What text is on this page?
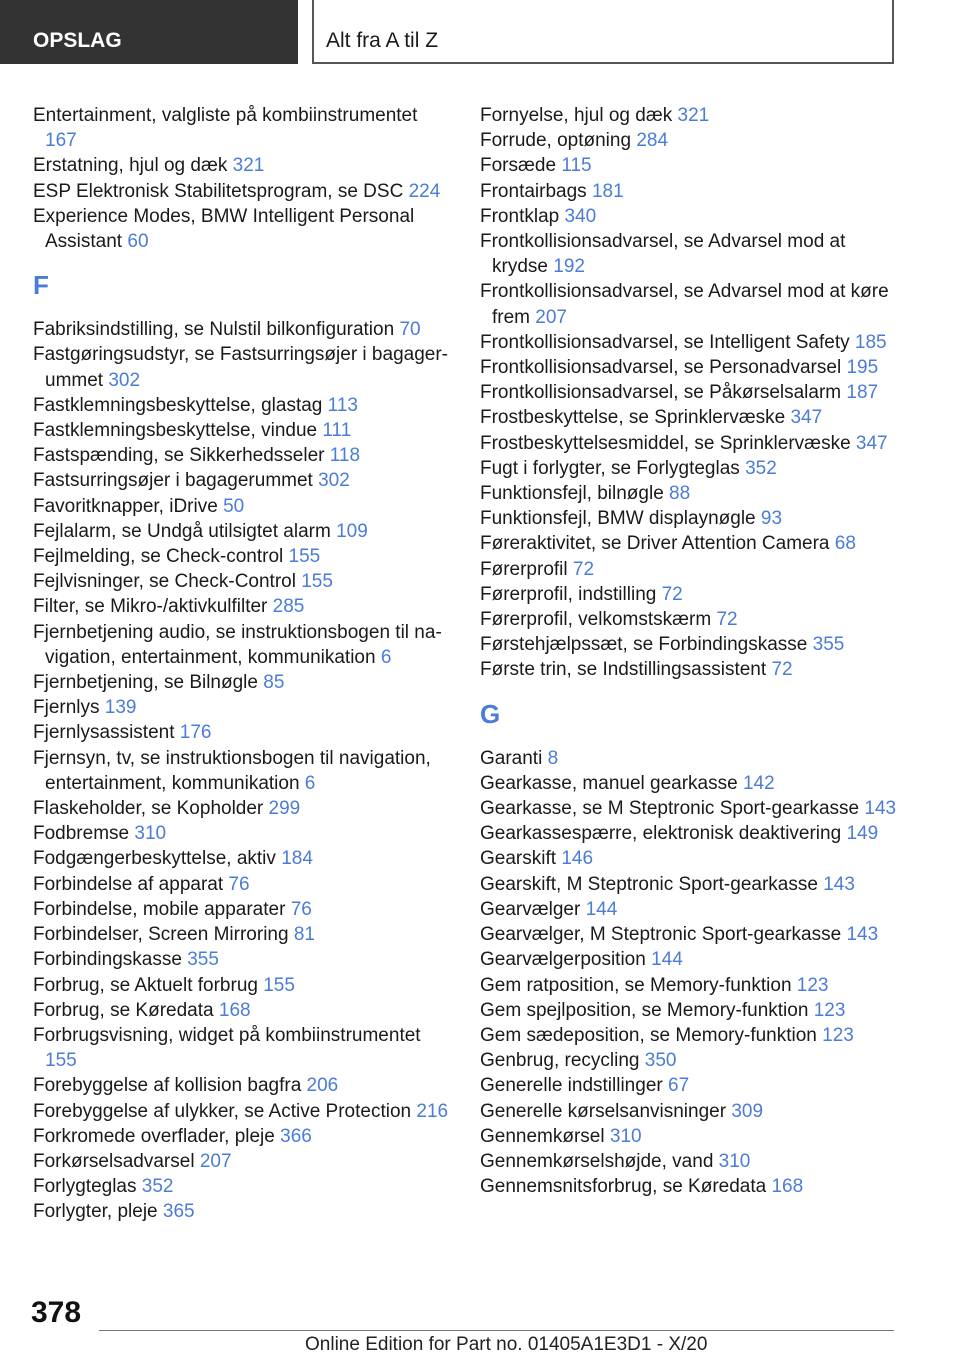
OPSLAG	Alt fra A til Z
Entertainment, valgliste på kombiinstrumentet 167
Erstatning, hjul og dæk 321
ESP Elektronisk Stabilitetsprogram, se DSC 224
Experience Modes, BMW Intelligent Personal Assistant 60
F
Fabriksindstilling, se Nulstil bilkonfiguration 70
Fastgøringsudstyr, se Fastsurringsøjer i bagagerummet 302
Fastklemningsbeskyttelse, glastag 113
Fastklemningsbeskyttelse, vindue 111
Fastspænding, se Sikkerhedsseler 118
Fastsurringsøjer i bagagerummet 302
Favoritknapper, iDrive 50
Fejlalarm, se Undgå utilsigtet alarm 109
Fejlmelding, se Check-control 155
Fejlvisninger, se Check-Control 155
Filter, se Mikro-/aktivkulfilter 285
Fjernbetjening audio, se instruktionsbogen til navigation, entertainment, kommunikation 6
Fjernbetjening, se Bilnøgle 85
Fjernlys 139
Fjernlysassistent 176
Fjernsyn, tv, se instruktionsbogen til navigation, entertainment, kommunikation 6
Flaskeholder, se Kopholder 299
Fodbremse 310
Fodgængerbeskyttelse, aktiv 184
Forbindelse af apparat 76
Forbindelse, mobile apparater 76
Forbindelser, Screen Mirroring 81
Forbindingskasse 355
Forbrug, se Aktuelt forbrug 155
Forbrug, se Køredata 168
Forbrugsvisning, widget på kombiinstrumentet 155
Forebyggelse af kollision bagfra 206
Forebyggelse af ulykker, se Active Protection 216
Forkromede overflader, pleje 366
Forkørselsadvarsel 207
Forlygteglas 352
Forlygter, pleje 365
Fornyelse, hjul og dæk 321
Forrude, optøning 284
Forsæde 115
Frontairbags 181
Frontklap 340
Frontkollisionsadvarsel, se Advarsel mod at krydse 192
Frontkollisionsadvarsel, se Advarsel mod at køre frem 207
Frontkollisionsadvarsel, se Intelligent Safety 185
Frontkollisionsadvarsel, se Personadvarsel 195
Frontkollisionsadvarsel, se Påkørselsalarm 187
Frostbeskyttelse, se Sprinklervæske 347
Frostbeskyttelsesmiddel, se Sprinklervæske 347
Fugt i forlygter, se Forlygteglas 352
Funktionsfejl, bilnøgle 88
Funktionsfejl, BMW displaynøgle 93
Føreraktivitet, se Driver Attention Camera 68
Førerprofil 72
Førerprofil, indstilling 72
Førerprofil, velkomstskærm 72
Førstehjælpssæt, se Forbindingskasse 355
Første trin, se Indstillingsassistent 72
G
Garanti 8
Gearkasse, manuel gearkasse 142
Gearkasse, se M Steptronic Sport-gearkasse 143
Gearkassespærre, elektronisk deaktivering 149
Gearskift 146
Gearskift, M Steptronic Sport-gearkasse 143
Gearvælger 144
Gearvælger, M Steptronic Sport-gearkasse 143
Gearvælgerposition 144
Gem ratposition, se Memory-funktion 123
Gem spejlposition, se Memory-funktion 123
Gem sædeposition, se Memory-funktion 123
Genbrug, recycling 350
Generelle indstillinger 67
Generelle kørselsanvisninger 309
Gennemkørsel 310
Gennemkørselshøjde, vand 310
Gennemsnitsforbrug, se Køredata 168
378
Online Edition for Part no. 01405A1E3D1 - X/20
